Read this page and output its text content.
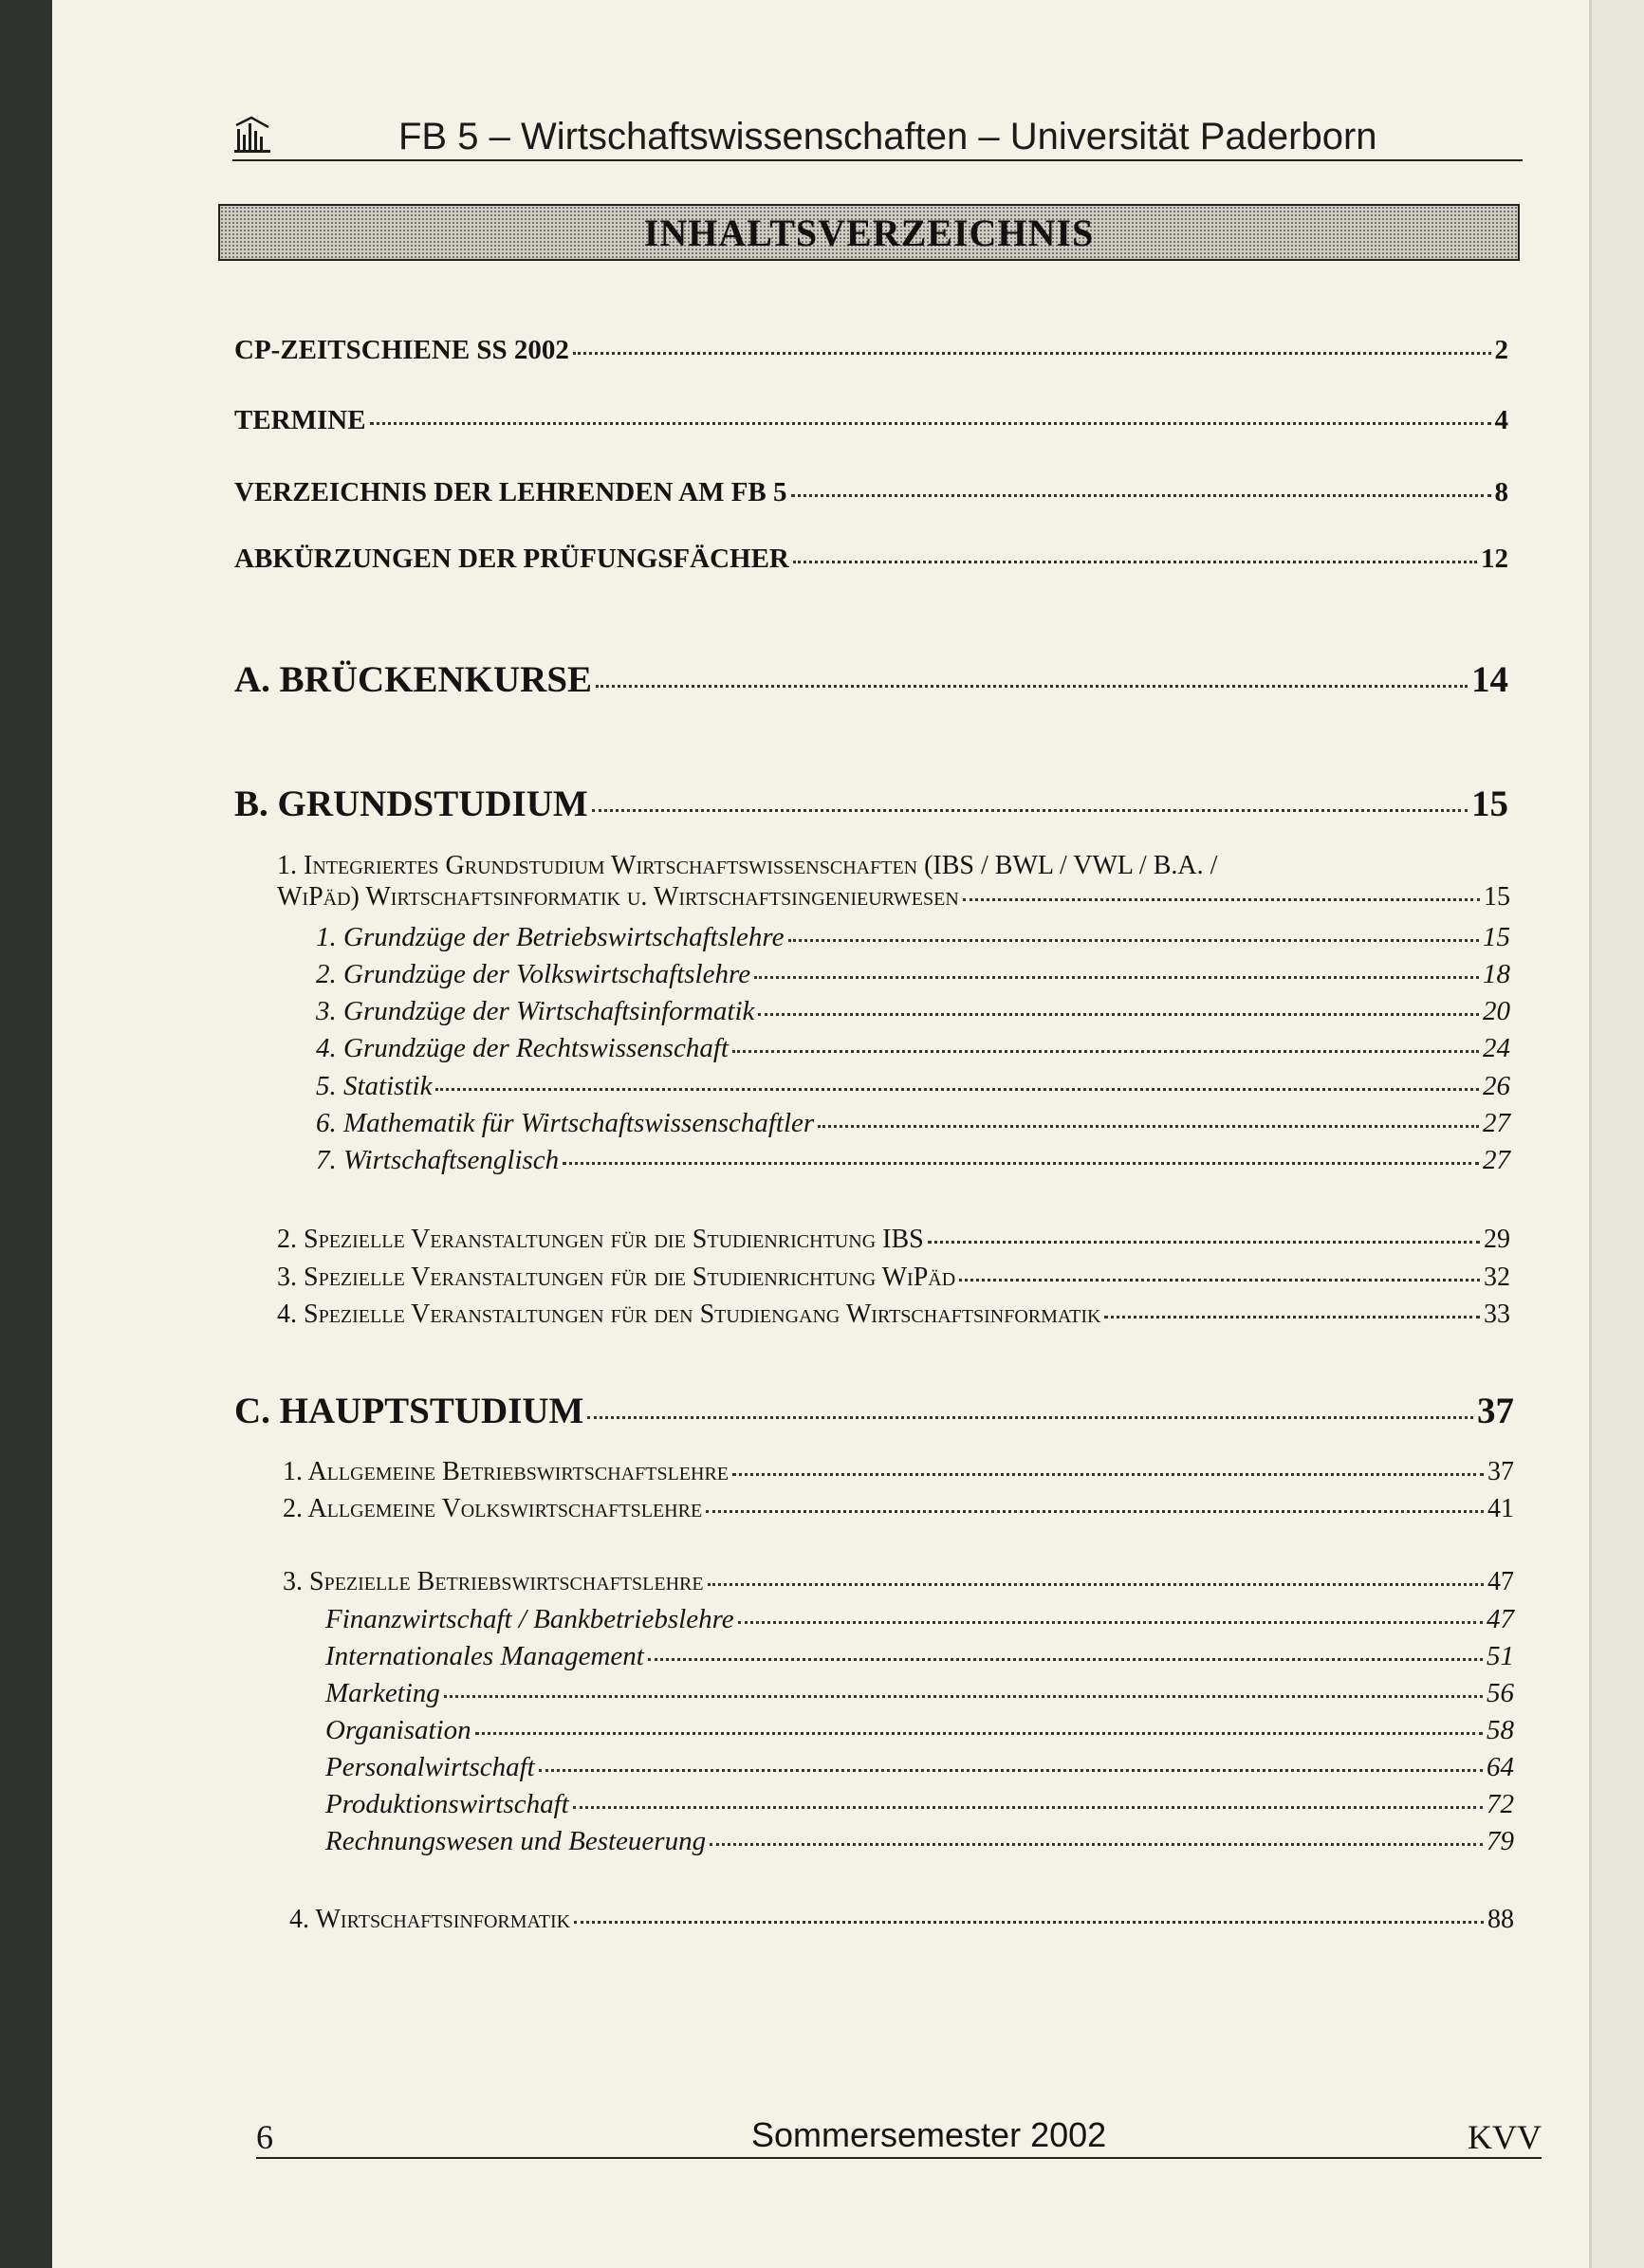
FB 5 – Wirtschaftswissenschaften – Universität Paderborn
INHALTSVERZEICHNIS
CP-ZEITSCHIENE SS 2002	2
TERMINE	4
VERZEICHNIS DER LEHRENDEN AM FB 5	8
ABKÜRZUNGEN DER PRÜFUNGSFÄCHER	12
A. BRÜCKENKURSE	14
B. GRUNDSTUDIUM	15
1. Integriertes Grundstudium Wirtschaftswissenschaften (IBS / BWL / VWL / B.A. /
WiPäd) Wirtschaftsinformatik u. Wirtschaftsingenieurwesen	15
1. Grundzüge der Betriebswirtschaftslehre	15
2. Grundzüge der Volkswirtschaftslehre	18
3. Grundzüge der Wirtschaftsinformatik	20
4. Grundzüge der Rechtswissenschaft	24
5. Statistik	26
6. Mathematik für Wirtschaftswissenschaftler	27
7. Wirtschaftsenglisch	27
2. Spezielle Veranstaltungen für die Studienrichtung IBS	29
3. Spezielle Veranstaltungen für die Studienrichtung WiPäd	32
4. Spezielle Veranstaltungen für den Studiengang Wirtschaftsinformatik	33
C. HAUPTSTUDIUM	37
1. Allgemeine Betriebswirtschaftslehre	37
2. Allgemeine Volkswirtschaftslehre	41
3. Spezielle Betriebswirtschaftslehre	47
Finanzwirtschaft / Bankbetriebslehre	47
Internationales Management	51
Marketing	56
Organisation	58
Personalwirtschaft	64
Produktionswirtschaft	72
Rechnungswesen und Besteuerung	79
4. Wirtschaftsinformatik	88
6	Sommersemester 2002	KVV
